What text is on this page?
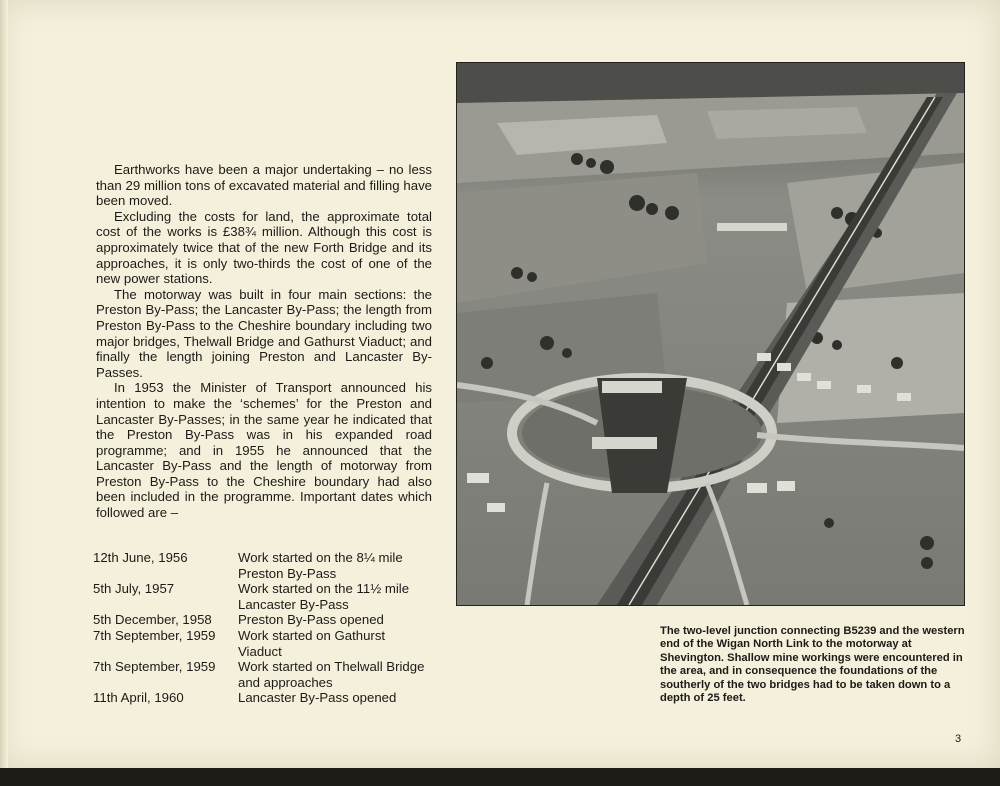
Earthworks have been a major undertaking – no less than 29 million tons of excavated material and filling have been moved.

Excluding the costs for land, the approximate total cost of the works is £38¾ million. Although this cost is approximately twice that of the new Forth Bridge and its approaches, it is only two-thirds the cost of one of the new power stations.

The motorway was built in four main sections: the Preston By-Pass; the Lancaster By-Pass; the length from Preston By-Pass to the Cheshire boundary including two major bridges, Thelwall Bridge and Gathurst Viaduct; and finally the length joining Preston and Lancaster By-Passes.

In 1953 the Minister of Transport announced his intention to make the ‘schemes’ for the Preston and Lancaster By-Passes; in the same year he indicated that the Preston By-Pass was in his expanded road programme; and in 1955 he announced that the Lancaster By-Pass and the length of motorway from Preston By-Pass to the Cheshire boundary had also been included in the programme. Important dates which followed are –

12th June, 1956	Work started on the 8¼ mile Preston By-Pass
5th July, 1957	Work started on the 11½ mile Lancaster By-Pass
5th December, 1958	Preston By-Pass opened
7th September, 1959	Work started on Gathurst Viaduct
7th September, 1959	Work started on Thelwall Bridge and approaches
11th April, 1960	Lancaster By-Pass opened
The two-level junction connecting B5239 and the western end of the Wigan North Link to the motorway at Shevington. Shallow mine workings were encountered in the area, and in consequence the foundations of the southerly of the two bridges had to be taken down to a depth of 25 feet.
3
